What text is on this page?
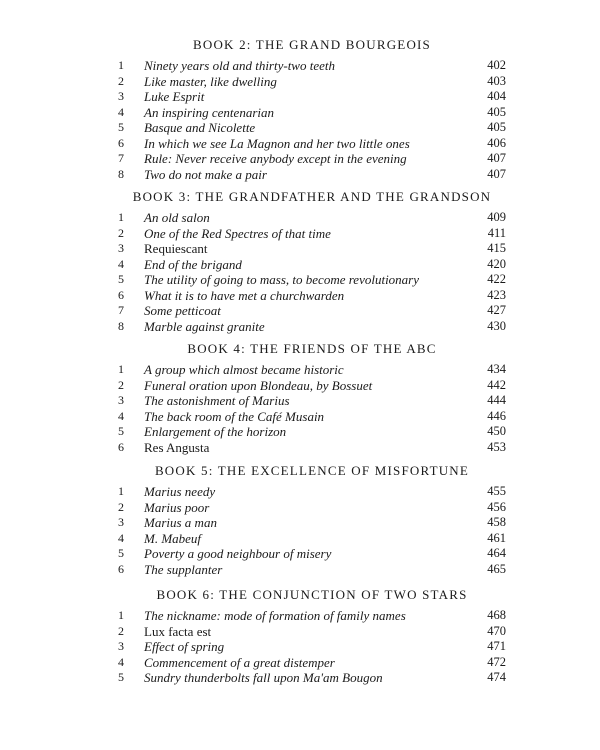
BOOK 2: THE GRAND BOURGEOIS
1	Ninety years old and thirty-two teeth	402
2	Like master, like dwelling	403
3	Luke Esprit	404
4	An inspiring centenarian	405
5	Basque and Nicolette	405
6	In which we see La Magnon and her two little ones	406
7	Rule: Never receive anybody except in the evening	407
8	Two do not make a pair	407
BOOK 3: THE GRANDFATHER AND THE GRANDSON
1	An old salon	409
2	One of the Red Spectres of that time	411
3	Requiescant	415
4	End of the brigand	420
5	The utility of going to mass, to become revolutionary	422
6	What it is to have met a churchwarden	423
7	Some petticoat	427
8	Marble against granite	430
BOOK 4: THE FRIENDS OF THE ABC
1	A group which almost became historic	434
2	Funeral oration upon Blondeau, by Bossuet	442
3	The astonishment of Marius	444
4	The back room of the Café Musain	446
5	Enlargement of the horizon	450
6	Res Angusta	453
BOOK 5: THE EXCELLENCE OF MISFORTUNE
1	Marius needy	455
2	Marius poor	456
3	Marius a man	458
4	M. Mabeuf	461
5	Poverty a good neighbour of misery	464
6	The supplanter	465
BOOK 6: THE CONJUNCTION OF TWO STARS
1	The nickname: mode of formation of family names	468
2	Lux facta est	470
3	Effect of spring	471
4	Commencement of a great distemper	472
5	Sundry thunderbolts fall upon Ma'am Bougon	474
